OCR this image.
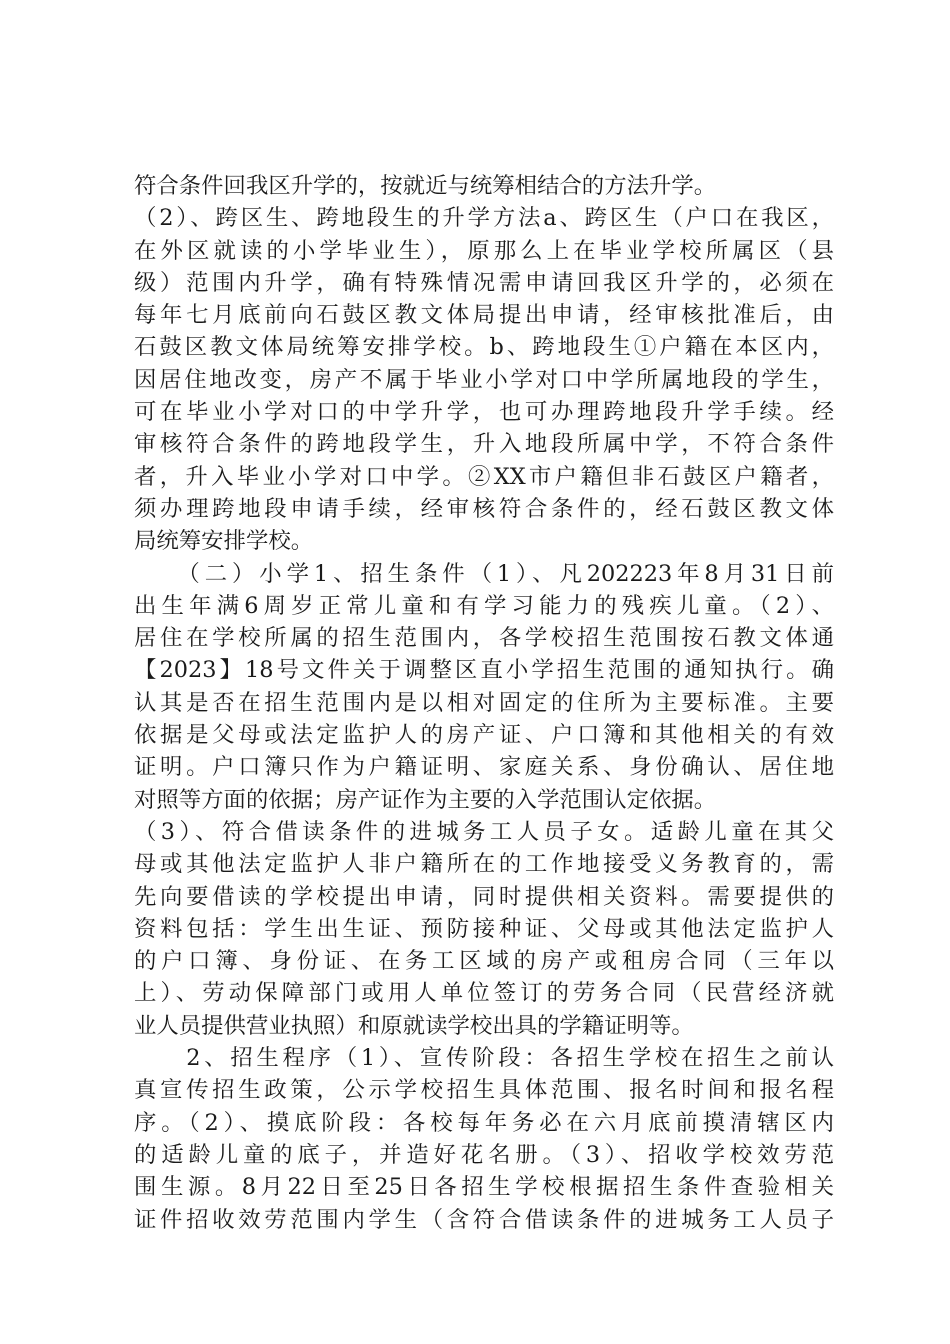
符合条件回我区升学的，按就近与统筹相结合的方法升学。
（2）、跨区生、跨地段生的升学方法a、跨区生（户口在我区，
在外区就读的小学毕业生），原那么上在毕业学校所属区（县
级）范围内升学，确有特殊情况需申请回我区升学的，必须在
每年七月底前向石鼓区教文体局提出申请，经审核批准后，由
石鼓区教文体局统筹安排学校。b、跨地段生①户籍在本区内，
因居住地改变，房产不属于毕业小学对口中学所属地段的学生，
可在毕业小学对口的中学升学，也可办理跨地段升学手续。经
审核符合条件的跨地段学生，升入地段所属中学，不符合条件
者，升入毕业小学对口中学。②XX市户籍但非石鼓区户籍者，
须办理跨地段申请手续，经审核符合条件的，经石鼓区教文体
局统筹安排学校。
　　（二）小学1、招生条件（1）、凡202223年8月31日前
出生年满6周岁正常儿童和有学习能力的残疾儿童。（2）、
居住在学校所属的招生范围内，各学校招生范围按石教文体通
【2023】18号文件关于调整区直小学招生范围的通知执行。确
认其是否在招生范围内是以相对固定的住所为主要标准。主要
依据是父母或法定监护人的房产证、户口簿和其他相关的有效
证明。户口簿只作为户籍证明、家庭关系、身份确认、居住地
对照等方面的依据；房产证作为主要的入学范围认定依据。
（3）、符合借读条件的进城务工人员子女。适龄儿童在其父
母或其他法定监护人非户籍所在的工作地接受义务教育的，需
先向要借读的学校提出申请，同时提供相关资料。需要提供的
资料包括：学生出生证、预防接种证、父母或其他法定监护人
的户口簿、身份证、在务工区域的房产或租房合同（三年以
上）、劳动保障部门或用人单位签订的劳务合同（民营经济就
业人员提供营业执照）和原就读学校出具的学籍证明等。
　　2、招生程序（1）、宣传阶段：各招生学校在招生之前认
真宣传招生政策，公示学校招生具体范围、报名时间和报名程
序。（2）、摸底阶段：各校每年务必在六月底前摸清辖区内
的适龄儿童的底子，并造好花名册。（3）、招收学校效劳范
围生源。8月22日至25日各招生学校根据招生条件查验相关
证件招收效劳范围内学生（含符合借读条件的进城务工人员子
